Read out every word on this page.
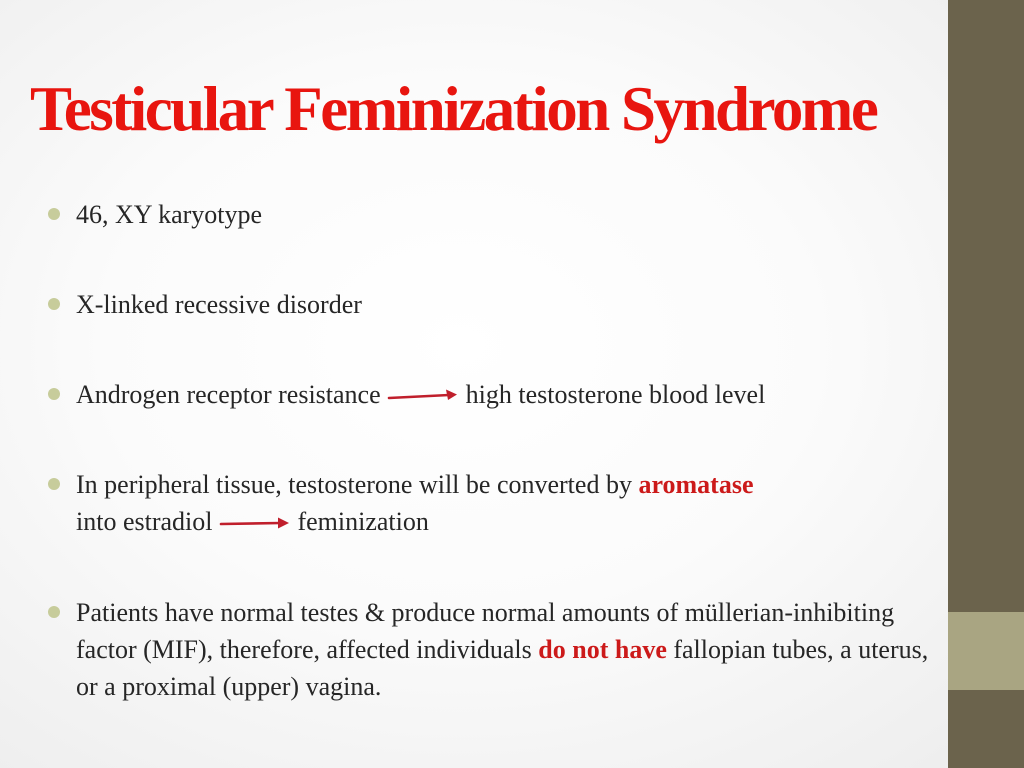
Testicular Feminization Syndrome
46, XY karyotype
X-linked recessive disorder
Androgen receptor resistance	high testosterone blood level
In peripheral tissue, testosterone will be converted by aromatase
into estradiol	feminization
Patients have normal testes & produce normal amounts of müllerian-inhibiting factor (MIF), therefore, affected individuals do not have fallopian tubes, a uterus, or a proximal (upper) vagina.
